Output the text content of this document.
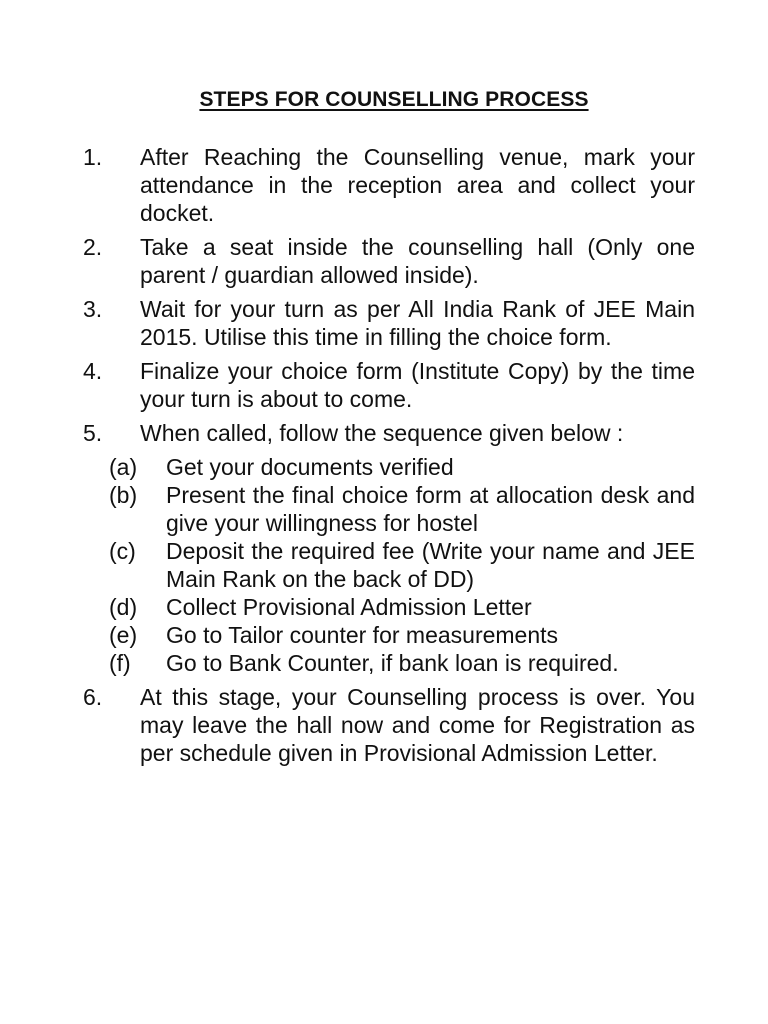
STEPS FOR COUNSELLING PROCESS
1. After Reaching the Counselling venue, mark your attendance in the reception area and collect your docket.
2. Take a seat inside the counselling hall (Only one parent / guardian allowed inside).
3. Wait for your turn as per All India Rank of JEE Main 2015. Utilise this time in filling the choice form.
4. Finalize your choice form (Institute Copy) by the time your turn is about to come.
5. When called, follow the sequence given below :
(a) Get your documents verified
(b) Present the final choice form at allocation desk and give your willingness for hostel
(c) Deposit the required fee (Write your name and JEE Main Rank on the back of DD)
(d) Collect Provisional Admission Letter
(e) Go to Tailor counter for measurements
(f) Go to Bank Counter, if bank loan is required.
6. At this stage, your Counselling process is over. You may leave the hall now and come for Registration as per schedule given in Provisional Admission Letter.
